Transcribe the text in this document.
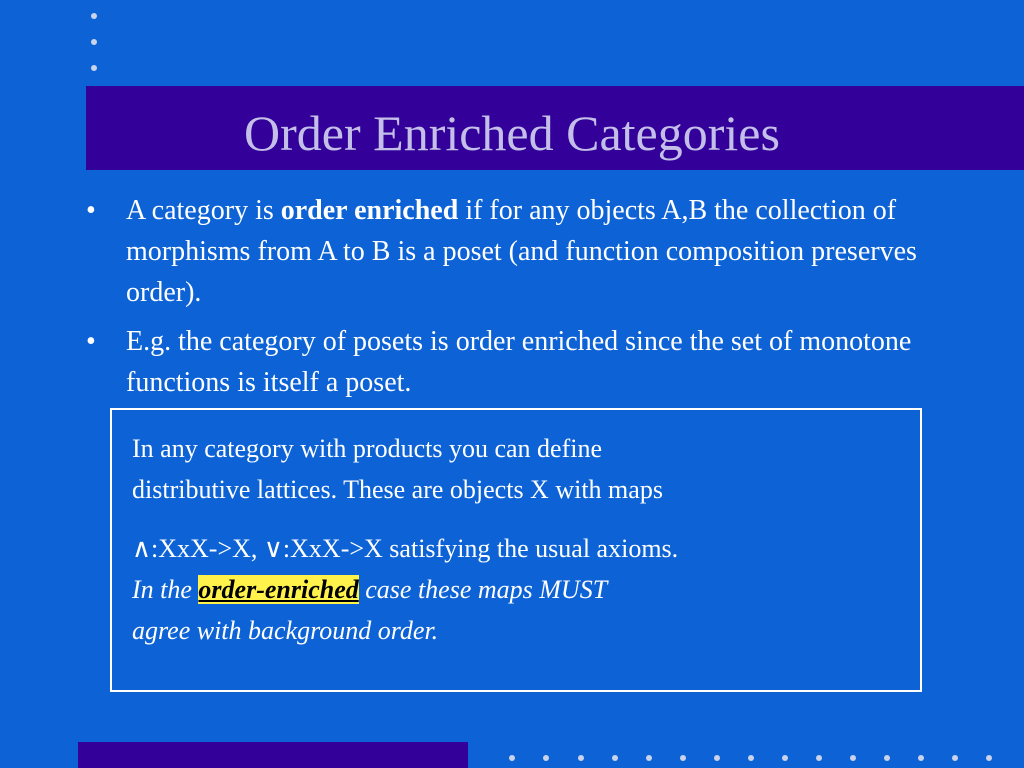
Order Enriched Categories
• A category is order enriched if for any objects A,B the collection of morphisms from A to B is a poset (and function composition preserves order).
• E.g. the category of posets is order enriched since the set of monotone functions is itself a poset.
In any category with products you can define
distributive lattices. These are objects X with maps
∧:XxX->X, ∨:XxX->X satisfying the usual axioms.
In the order-enriched case these maps MUST
agree with background order.
